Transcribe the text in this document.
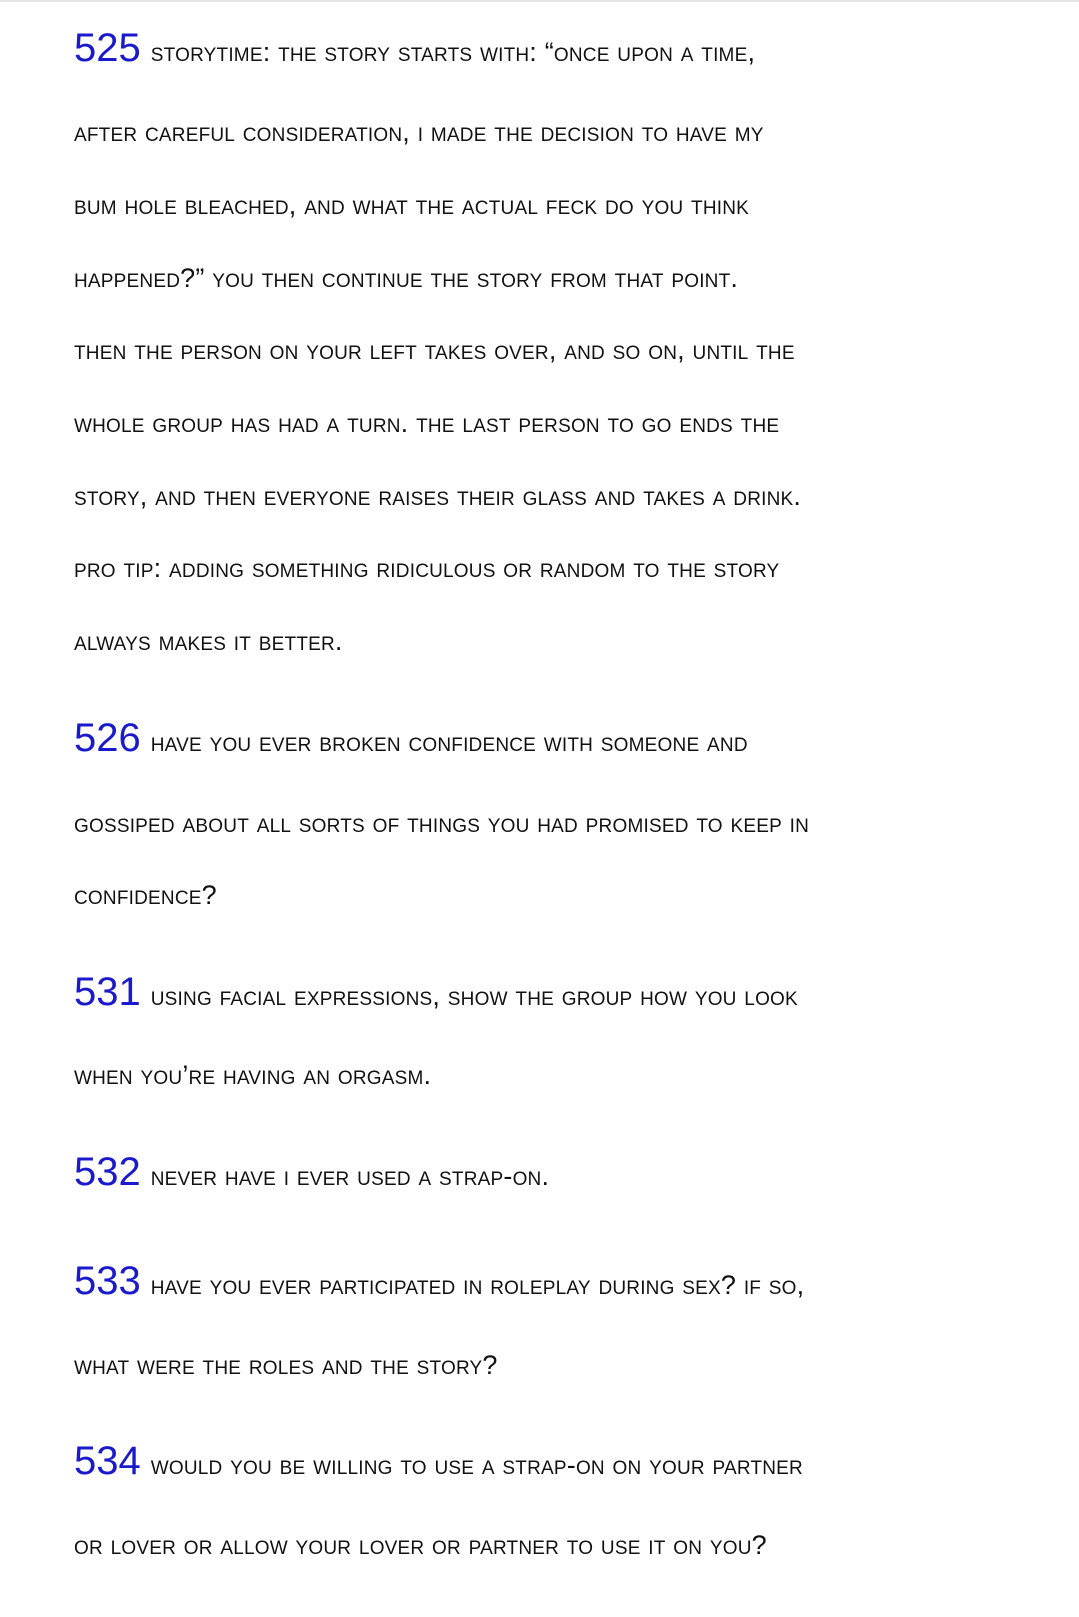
525 storytime: the story starts with: “once upon a time,
after careful consideration, i made the decision to have my
bum hole bleached, and what the actual feck do you think
happened?” you then continue the story from that point.
then the person on your left takes over, and so on, until the
whole group has had a turn. the last person to go ends the
story, and then everyone raises their glass and takes a drink.
pro tip: adding something ridiculous or random to the story
always makes it better.
526 have you ever broken confidence with someone and
gossiped about all sorts of things you had promised to keep in
confidence?
531 using facial expressions, show the group how you look
when you’re having an orgasm.
532 never have i ever used a strap-on.
533 have you ever participated in roleplay during sex? if so,
what were the roles and the story?
534 would you be willing to use a strap-on on your partner
or lover or allow your lover or partner to use it on you?
